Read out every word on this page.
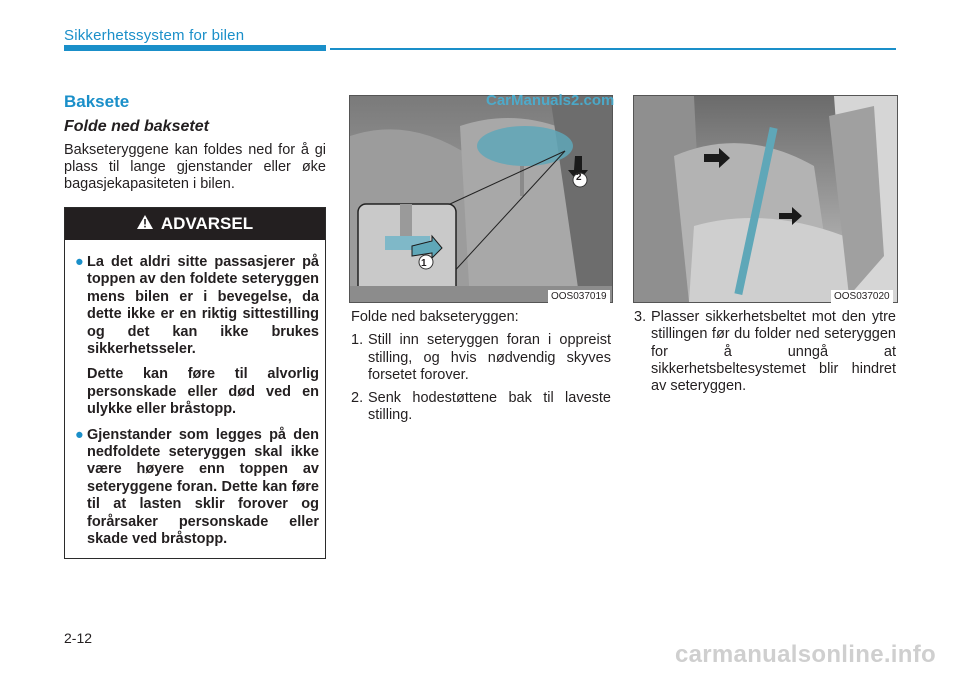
Sikkerhetssystem for bilen
Baksete
Folde ned baksetet

Bakseteryggene kan foldes ned for å gi plass til lange gjenstander eller øke bagasjekapasiteten i bilen.

ADVARSEL
● La det aldri sitte passasjerer på toppen av den foldete seteryggen mens bilen er i bevegelse, da dette ikke er en riktig sittestilling og det kan ikke brukes sikkerhetsseler.

Dette kan føre til alvorlig personskade eller død ved en ulykke eller bråstopp.

● Gjenstander som legges på den nedfoldete seteryggen skal ikke være høyere enn toppen av seteryggene foran. Dette kan føre til at lasten sklir forover og forårsaker personskade eller skade ved bråstopp.

OOS037019
1
2
CarManuals2.com
OOS037020

Folde ned bakseteryggen:

1. Still inn seteryggen foran i oppreist stilling, og hvis nødvendig skyves forsetet forover.
2. Senk hodestøttene bak til laveste stilling.
3. Plasser sikkerhetsbeltet mot den ytre stillingen før du folder ned seteryggen for å unngå at sikkerhetsbeltesystemet blir hindret av seteryggen.
2-12
carmanualsonline.info
